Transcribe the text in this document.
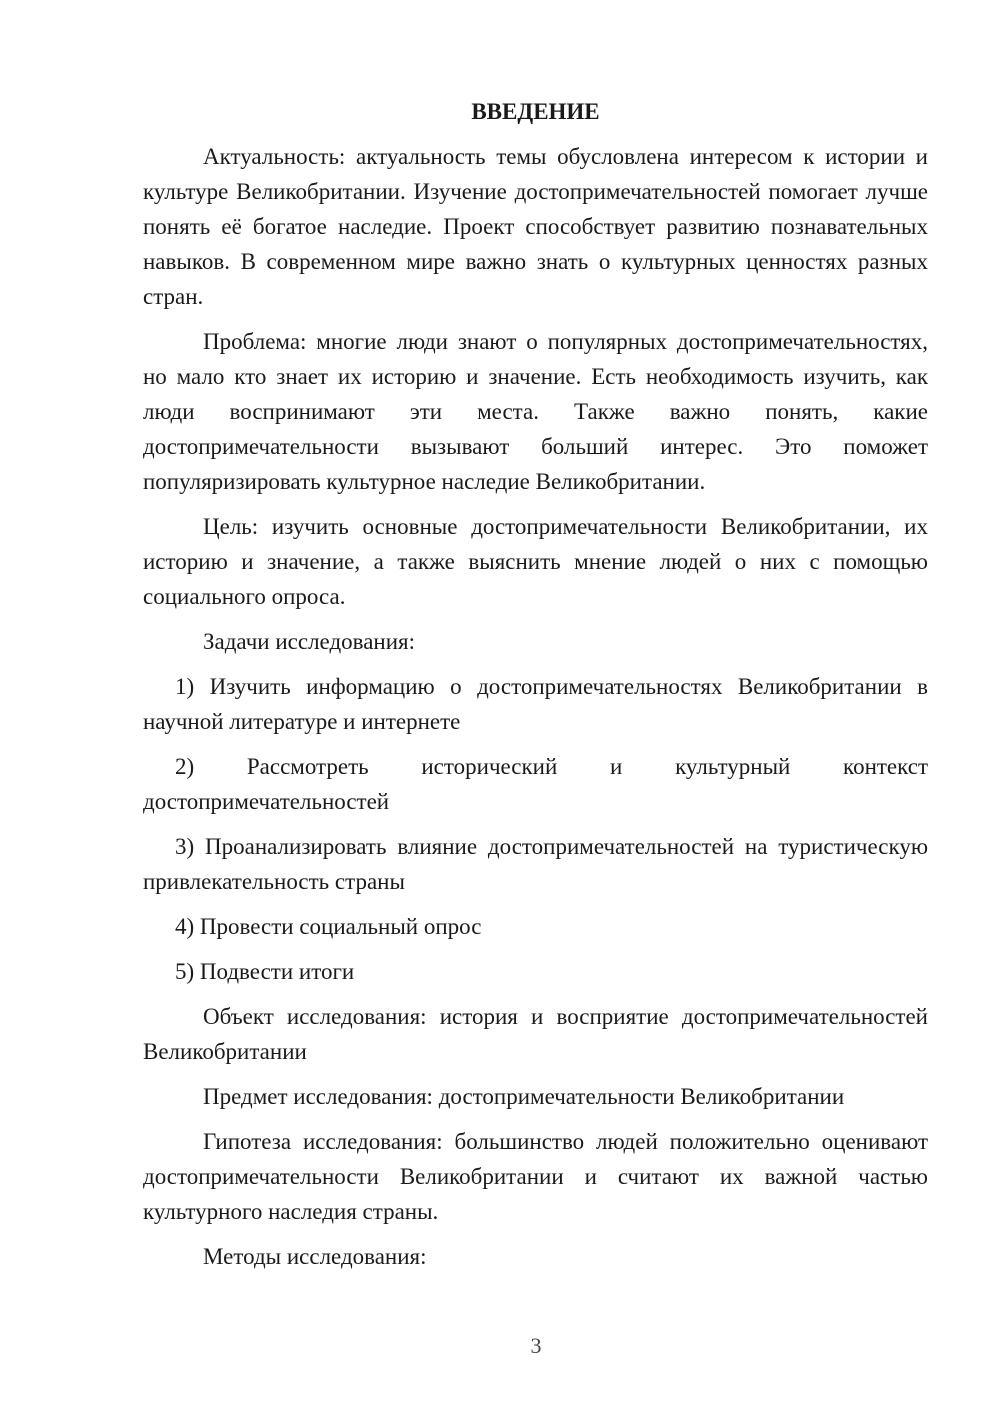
ВВЕДЕНИЕ
Актуальность: актуальность темы обусловлена интересом к истории и культуре Великобритании. Изучение достопримечательностей помогает лучше понять её богатое наследие. Проект способствует развитию познавательных навыков. В современном мире важно знать о культурных ценностях разных стран.
Проблема: многие люди знают о популярных достопримечательностях, но мало кто знает их историю и значение. Есть необходимость изучить, как люди воспринимают эти места. Также важно понять, какие достопримечательности вызывают больший интерес. Это поможет популяризировать культурное наследие Великобритании.
Цель: изучить основные достопримечательности Великобритании, их историю и значение, а также выяснить мнение людей о них с помощью социального опроса.
Задачи исследования:
1) Изучить информацию о достопримечательностях Великобритании в научной литературе и интернете
2) Рассмотреть исторический и культурный контекст достопримечательностей
3) Проанализировать влияние достопримечательностей на туристическую привлекательность страны
4) Провести социальный опрос
5) Подвести итоги
Объект исследования: история и восприятие достопримечательностей Великобритании
Предмет исследования: достопримечательности Великобритании
Гипотеза исследования: большинство людей положительно оценивают достопримечательности Великобритании и считают их важной частью культурного наследия страны.
Методы исследования:
3
